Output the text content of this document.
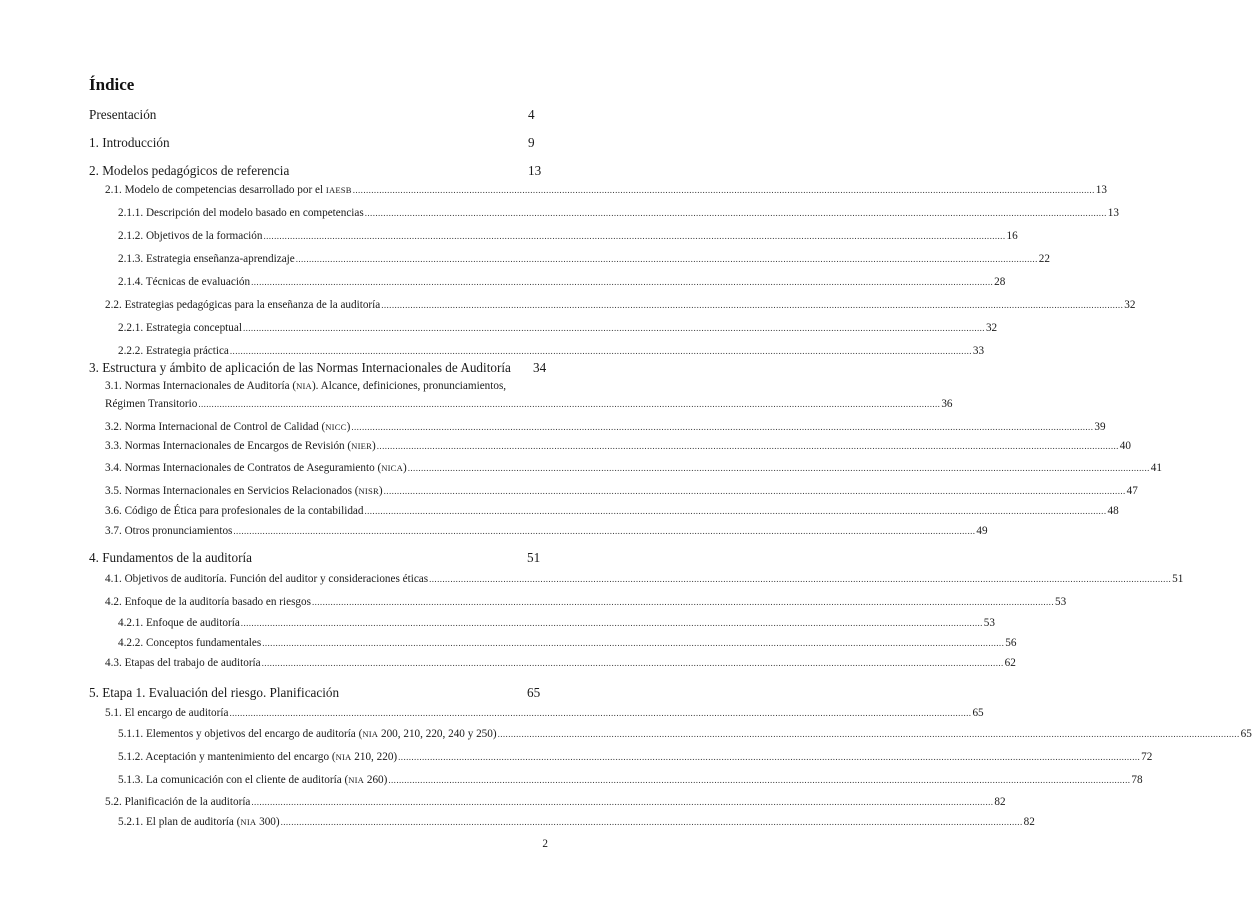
Índice
Presentación	4
1. Introducción	9
2. Modelos pedagógicos de referencia	13
2.1. Modelo de competencias desarrollado por el IAESB .....	13
2.1.1. Descripción del modelo basado en competencias .....	13
2.1.2. Objetivos de la formación .....	16
2.1.3. Estrategia enseñanza-aprendizaje .....	22
2.1.4. Técnicas de evaluación .....	28
2.2. Estrategias pedagógicas para la enseñanza de la auditoría .....	32
2.2.1. Estrategia conceptual .....	32
2.2.2. Estrategia práctica .....	33
3. Estructura y ámbito de aplicación de las Normas Internacionales de Auditoría	34
3.1. Normas Internacionales de Auditoría (NIA). Alcance, definiciones, pronunciamientos,
Régimen Transitorio .....	36
3.2. Norma Internacional de Control de Calidad (NICC) .....	39
3.3. Normas Internacionales de Encargos de Revisión (NIER) .....	40
3.4. Normas Internacionales de Contratos de Aseguramiento (NICA) .....	41
3.5. Normas Internacionales en Servicios Relacionados (NISR) .....	47
3.6. Código de Ética para profesionales de la contabilidad .....	48
3.7. Otros pronunciamientos .....	49
4. Fundamentos de la auditoría	51
4.1. Objetivos de auditoría. Función del auditor y consideraciones éticas .....	51
4.2. Enfoque de la auditoría basado en riesgos .....	53
4.2.1. Enfoque de auditoría .....	53
4.2.2. Conceptos fundamentales .....	56
4.3. Etapas del trabajo de auditoría .....	62
5. Etapa 1. Evaluación del riesgo. Planificación	65
5.1. El encargo de auditoría .....	65
5.1.1. Elementos y objetivos del encargo de auditoría (NIA 200, 210, 220, 240 y 250) .....	65
5.1.2. Aceptación y mantenimiento del encargo (NIA 210, 220) .....	72
5.1.3. La comunicación con el cliente de auditoría (NIA 260) .....	78
5.2. Planificación de la auditoría .....	82
5.2.1. El plan de auditoría (NIA 300) .....	82
2
